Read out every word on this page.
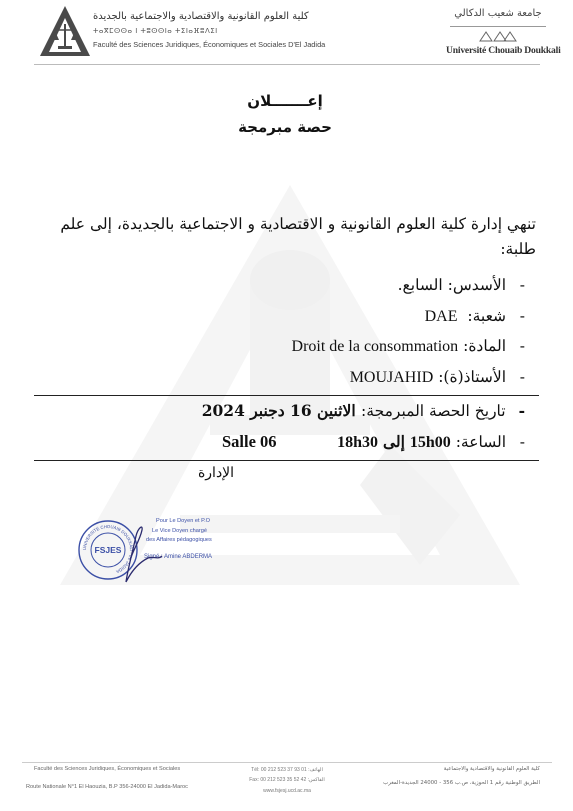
كلية العلوم القانونية والاقتصادية والاجتماعية بالجديدة
ⵜⴰⴳⵎⵙⵙⴰ ⵏ ⵜⵓⵙⵙⵏⴰ ⵜⵉⵏⴰⴼⵓⴷⵉⵏ
Faculté des Sciences Juridiques, Économiques et Sociales D'El Jadida
جامعة شعيب الدكالي
Université Chouaib Doukkali
إعـــــــلان
حصة مبرمجة
تنهي إدارة كلية العلوم القانونية و الاقتصادية و الاجتماعية بالجديدة، إلى علم طلبة:
- الأسدس: السابع.
- شعبة:  DAE
- المادة: Droit de la consommation
- الأستاذ(ة): MOUJAHID
- تاريخ الحصة المبرمجة: الاثنين 16 دجنبر 2024
- الساعة: 15h00 إلى 18h30
Salle 06
الإدارة
UNIVERSITÉ CHOUAIB DOUKKALI · EL JADIDA
FSJES
Pour Le Doyen et P.O
Le Vice Doyen chargé
des Affaires pédagogiques
Signé : Amine ABDERMA
Faculté des Sciences Juridiques, Économiques et Sociales
Route Nationale N°1 El Haouzia, B.P 356-24000 El Jadida-Maroc
Tél: 00 212 523 37 93 01 :الهاتف
Fax: 00 212 523 35 52 42 :الفاكس
www.fsjesj.ucd.ac.ma
كلية العلوم القانونية والاقتصادية والاجتماعية
الطريق الوطنية رقم 1 الحوزية، ص.ب 356 - 24000 الجديدة-المغرب
